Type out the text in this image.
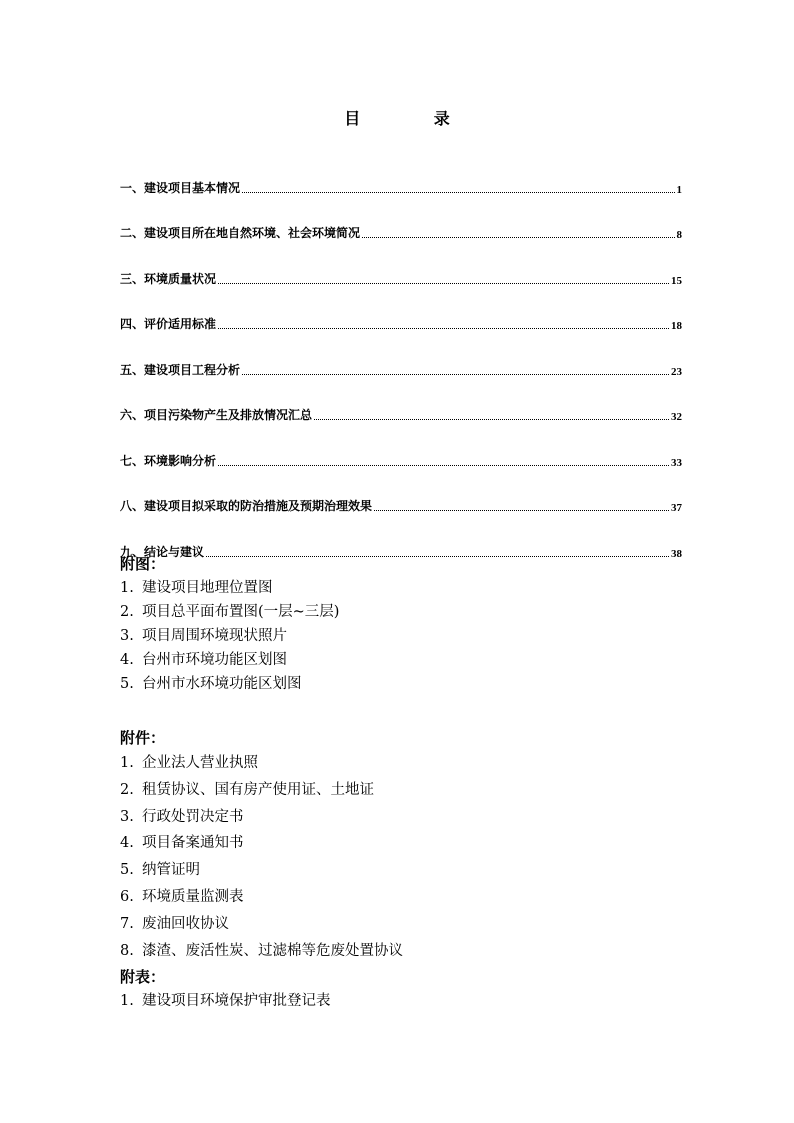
目	录
一、建设项目基本情况	1
二、建设项目所在地自然环境、社会环境简况	8
三、环境质量状况	15
四、评价适用标准	18
五、建设项目工程分析	23
六、项目污染物产生及排放情况汇总	32
七、环境影响分析	33
八、建设项目拟采取的防治措施及预期治理效果	37
九、结论与建议	38

附图：

1. 建设项目地理位置图

2. 项目总平面布置图(一层~三层)

3. 项目周围环境现状照片

4. 台州市环境功能区划图

5. 台州市水环境功能区划图

附件：

1. 企业法人营业执照

2. 租赁协议、国有房产使用证、土地证

3. 行政处罚决定书

4. 项目备案通知书

5. 纳管证明

6. 环境质量监测表

7. 废油回收协议

8. 漆渣、废活性炭、过滤棉等危废处置协议

附表：

1. 建设项目环境保护审批登记表
